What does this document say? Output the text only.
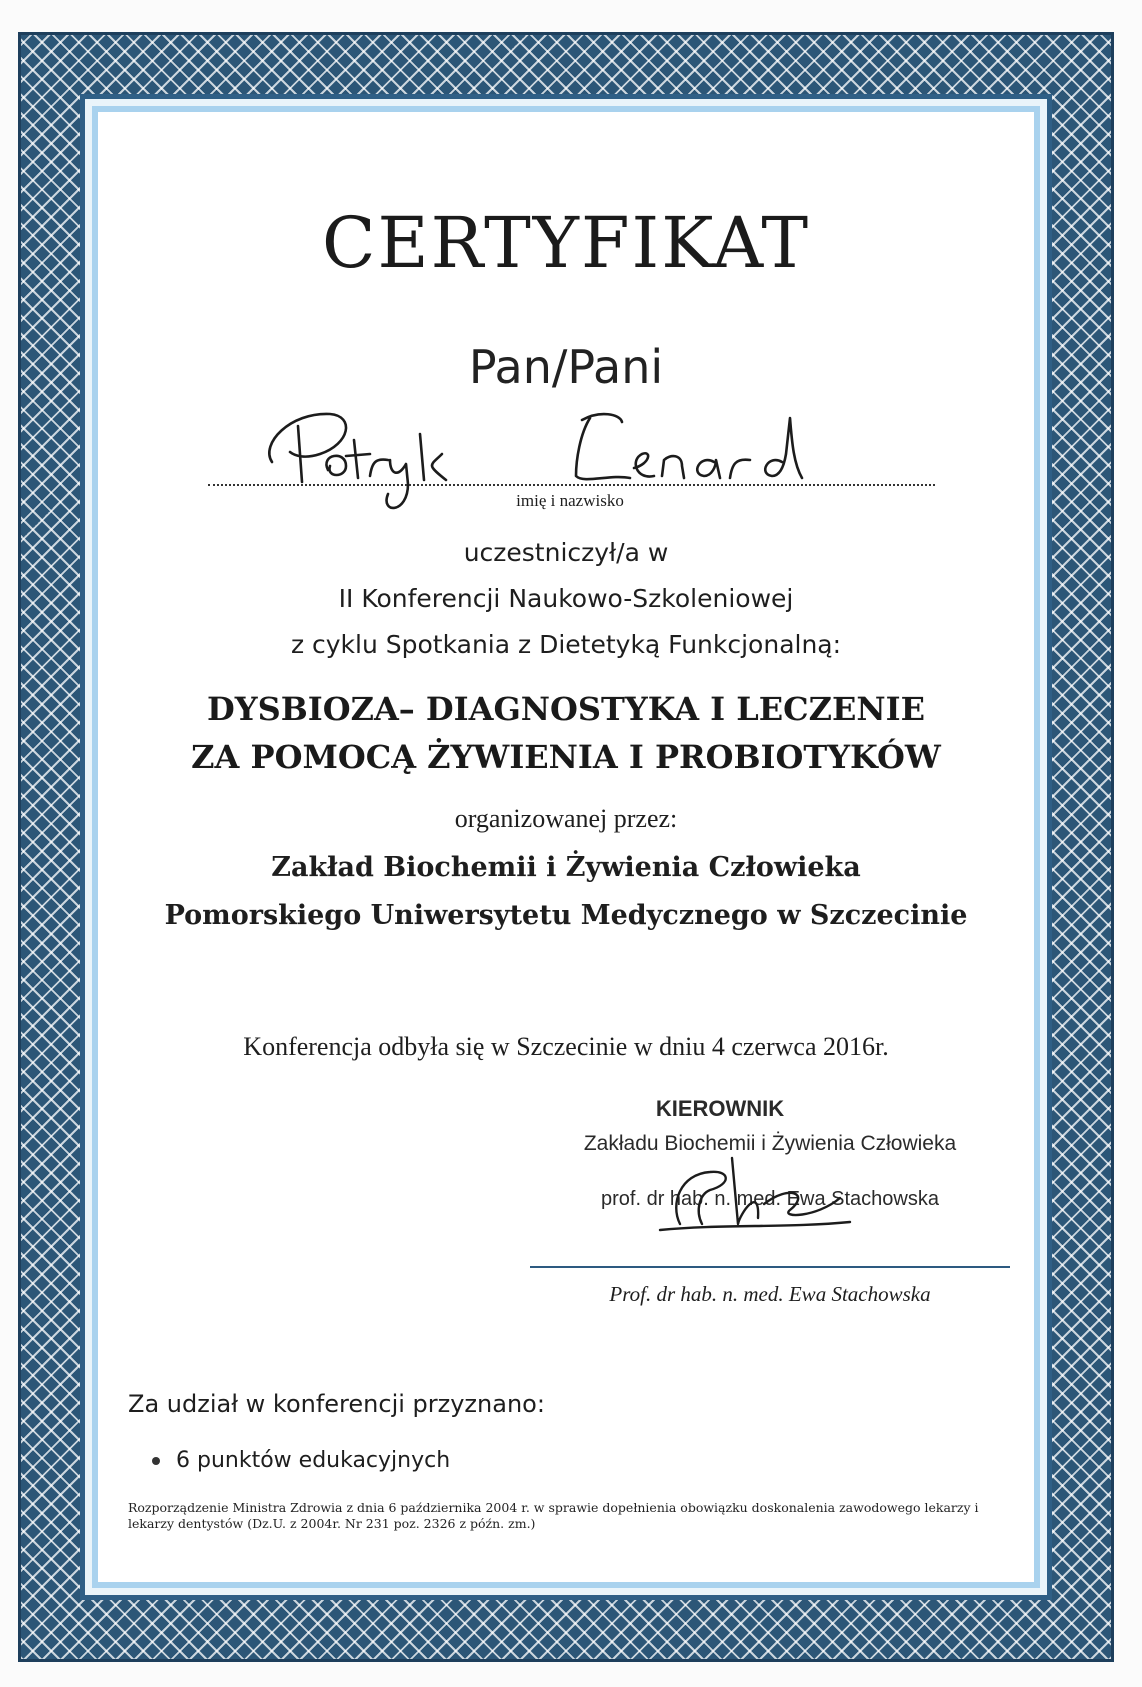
CERTYFIKAT
Pan/Pani
imię i nazwisko
uczestniczył/a w
II Konferencji Naukowo-Szkoleniowej
z cyklu Spotkania z Dietetyką Funkcjonalną:
DYSBIOZA– DIAGNOSTYKA I LECZENIE
ZA POMOCĄ ŻYWIENIA I PROBIOTYKÓW
organizowanej przez:
Zakład Biochemii i Żywienia Człowieka
Pomorskiego Uniwersytetu Medycznego w Szczecinie
Konferencja odbyła się w Szczecinie w dniu 4 czerwca 2016r.
KIEROWNIK
Zakładu Biochemii i Żywienia Człowieka
prof. dr hab. n. med. Ewa Stachowska
Prof. dr hab. n. med. Ewa Stachowska
Za udział w konferencji przyznano:
6 punktów edukacyjnych
Rozporządzenie Ministra Zdrowia z dnia 6 października 2004 r. w sprawie dopełnienia obowiązku doskonalenia zawodowego lekarzy i lekarzy dentystów (Dz.U. z 2004r. Nr 231 poz. 2326 z późn. zm.)
